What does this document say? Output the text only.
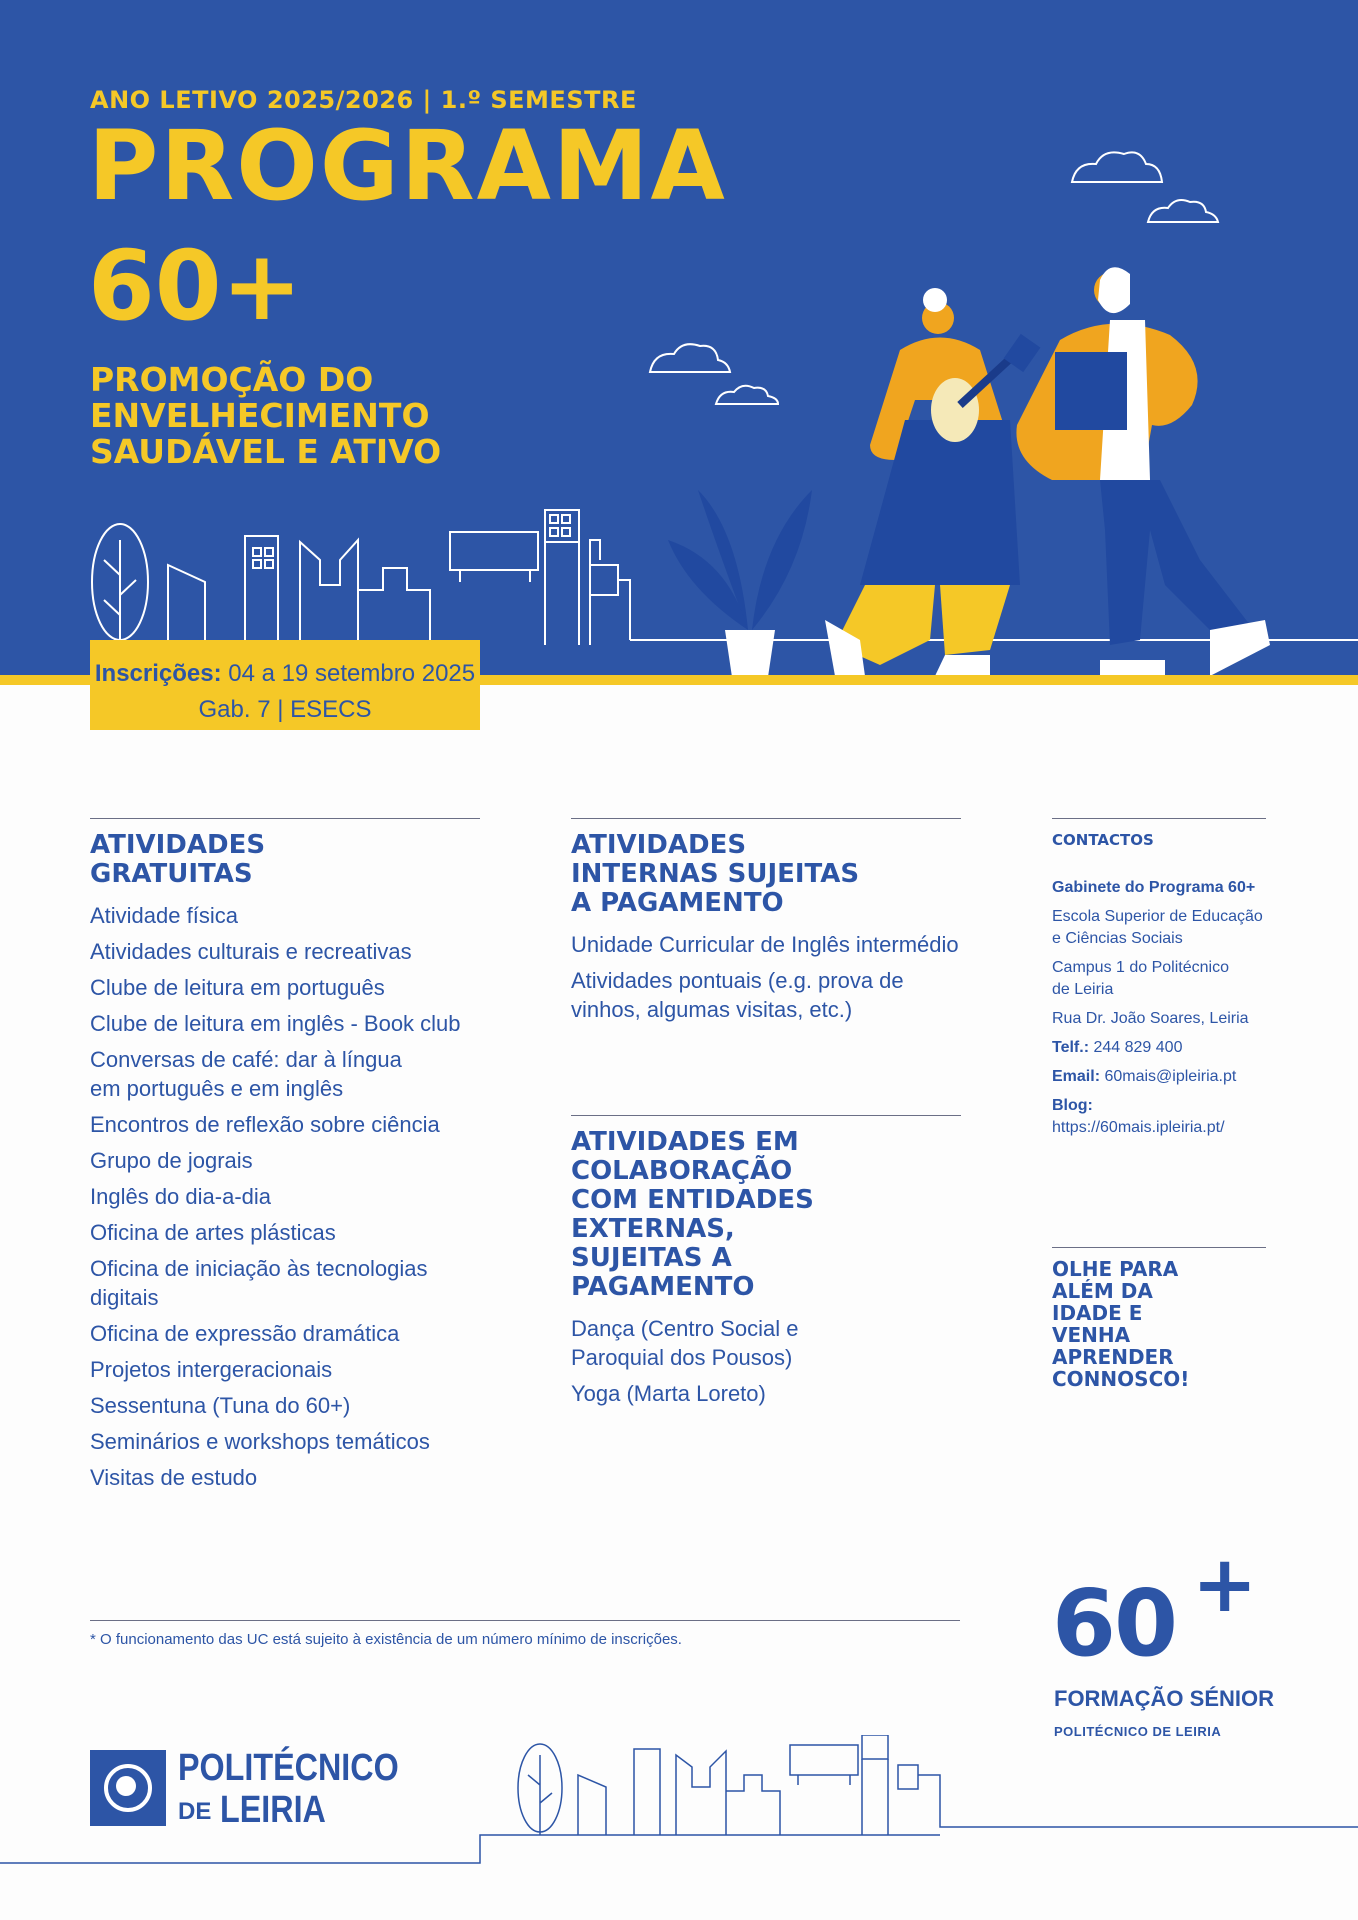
ANO LETIVO 2025/2026 | 1.º SEMESTRE

PROGRAMA

60+

PROMOÇÃO DO
ENVELHECIMENTO
SAUDÁVEL E ATIVO

Inscrições: 04 a 19 setembro 2025
Gab. 7 | ESECS
ATIVIDADES
GRATUITAS
Atividade física
Atividades culturais e recreativas
Clube de leitura em português
Clube de leitura em inglês - Book club
Conversas de café: dar à língua em português e em inglês
Encontros de reflexão sobre ciência
Grupo de jograis
Inglês do dia-a-dia
Oficina de artes plásticas
Oficina de iniciação às tecnologias digitais
Oficina de expressão dramática
Projetos intergeracionais
Sessentuna (Tuna do 60+)
Seminários e workshops temáticos
Visitas de estudo
ATIVIDADES
INTERNAS SUJEITAS
A PAGAMENTO
Unidade Curricular de Inglês intermédio
Atividades pontuais (e.g. prova de vinhos, algumas visitas, etc.)
ATIVIDADES EM
COLABORAÇÃO
COM ENTIDADES
EXTERNAS,
SUJEITAS A
PAGAMENTO
Dança (Centro Social e Paroquial dos Pousos)
Yoga (Marta Loreto)

CONTACTOS

Gabinete do Programa 60+

Escola Superior de Educação e Ciências Sociais

Campus 1 do Politécnico de Leiria

Rua Dr. João Soares, Leiria

Telf.: 244 829 400

Email: 60mais@ipleiria.pt

Blog:
https://60mais.ipleiria.pt/

OLHE PARA
ALÉM DA
IDADE E
VENHA
APRENDER
CONNOSCO!

* O funcionamento das UC está sujeito à existência de um número mínimo de inscrições.	60 +
FORMAÇÃO SÉNIOR
POLITÉCNICO DE LEIRIA
POLITÉCNICO
DE LEIRIA
